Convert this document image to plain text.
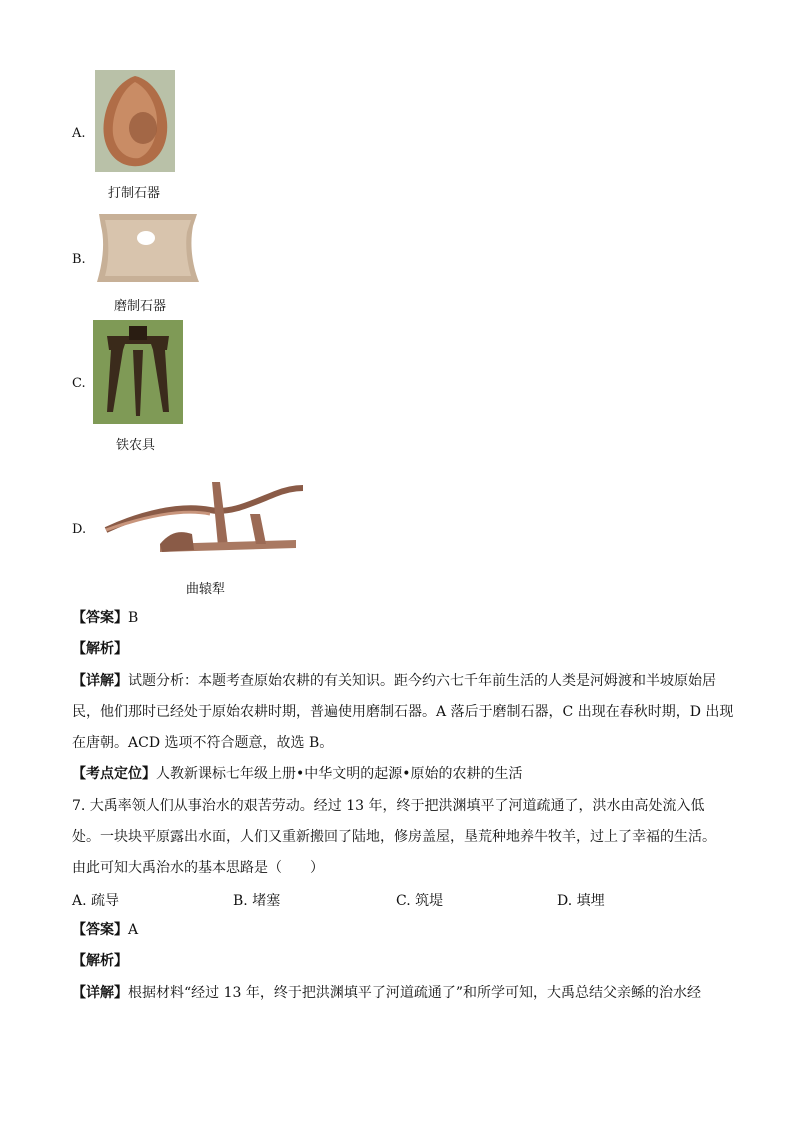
A.
打制石器
B.
磨制石器
C.
铁农具
D.
曲辕犁
【答案】B
【解析】
【详解】试题分析：本题考查原始农耕的有关知识。距今约六七千年前生活的人类是河姆渡和半坡原始居
民，他们那时已经处于原始农耕时期，普遍使用磨制石器。A 落后于磨制石器，C 出现在春秋时期，D 出现
在唐朝。ACD 选项不符合题意，故选 B。
【考点定位】人教新课标七年级上册•中华文明的起源•原始的农耕的生活
7. 大禹率领人们从事治水的艰苦劳动。经过 13 年，终于把洪渊填平了河道疏通了，洪水由高处流入低
处。一块块平原露出水面，人们又重新搬回了陆地，修房盖屋，垦荒种地养牛牧羊，过上了幸福的生活。
由此可知大禹治水的基本思路是（　　）
A. 疏导	B. 堵塞	C. 筑堤	D. 填埋
【答案】A
【解析】
【详解】根据材料“经过 13 年，终于把洪渊填平了河道疏通了”和所学可知，大禹总结父亲鲧的治水经
